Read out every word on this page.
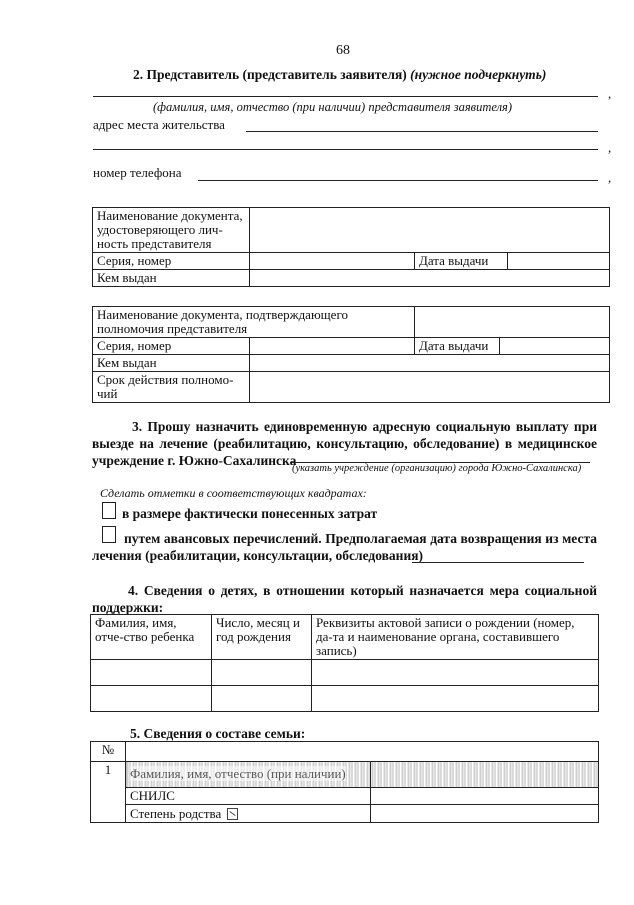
68
2. Представитель (представитель заявителя) (нужное подчеркнуть)
,
(фамилия, имя, отчество (при наличии) представителя заявителя)
адрес места жительства
,
номер телефона	,
Наименование документа, удостоверяющего лич-ность представителя			
Серия, номер		Дата выдачи	
Кем выдан			
Наименование документа, подтверждающего полномочия представителя			
Серия, номер		Дата выдачи	
Кем выдан			
Срок действия полномо-чий			
3. Прошу назначить единовременную адресную социальную выплату при выезде на лечение (реабилитацию, консультацию, обследование) в медицинское учреждение г. Южно-Сахалинска
(указать учреждение (организацию) города Южно-Сахалинска)
Сделать отметки в соответствующих квадратах:
в размере фактически понесенных затрат
путем авансовых перечислений. Предполагаемая дата возвращения из места лечения (реабилитации, консультации, обследования)
4. Сведения о детях, в отношении который назначается мера социальной поддержки:
Фамилия, имя, отче-ство ребенка	Число, месяц и год рождения	Реквизиты актовой записи о рождении (номер, да-та и наименование органа, составившего запись)

5. Сведения о составе семьи:
№		
1	Фамилия, имя, отчество (при наличии)	
	СНИЛС	
	Степень родства	
